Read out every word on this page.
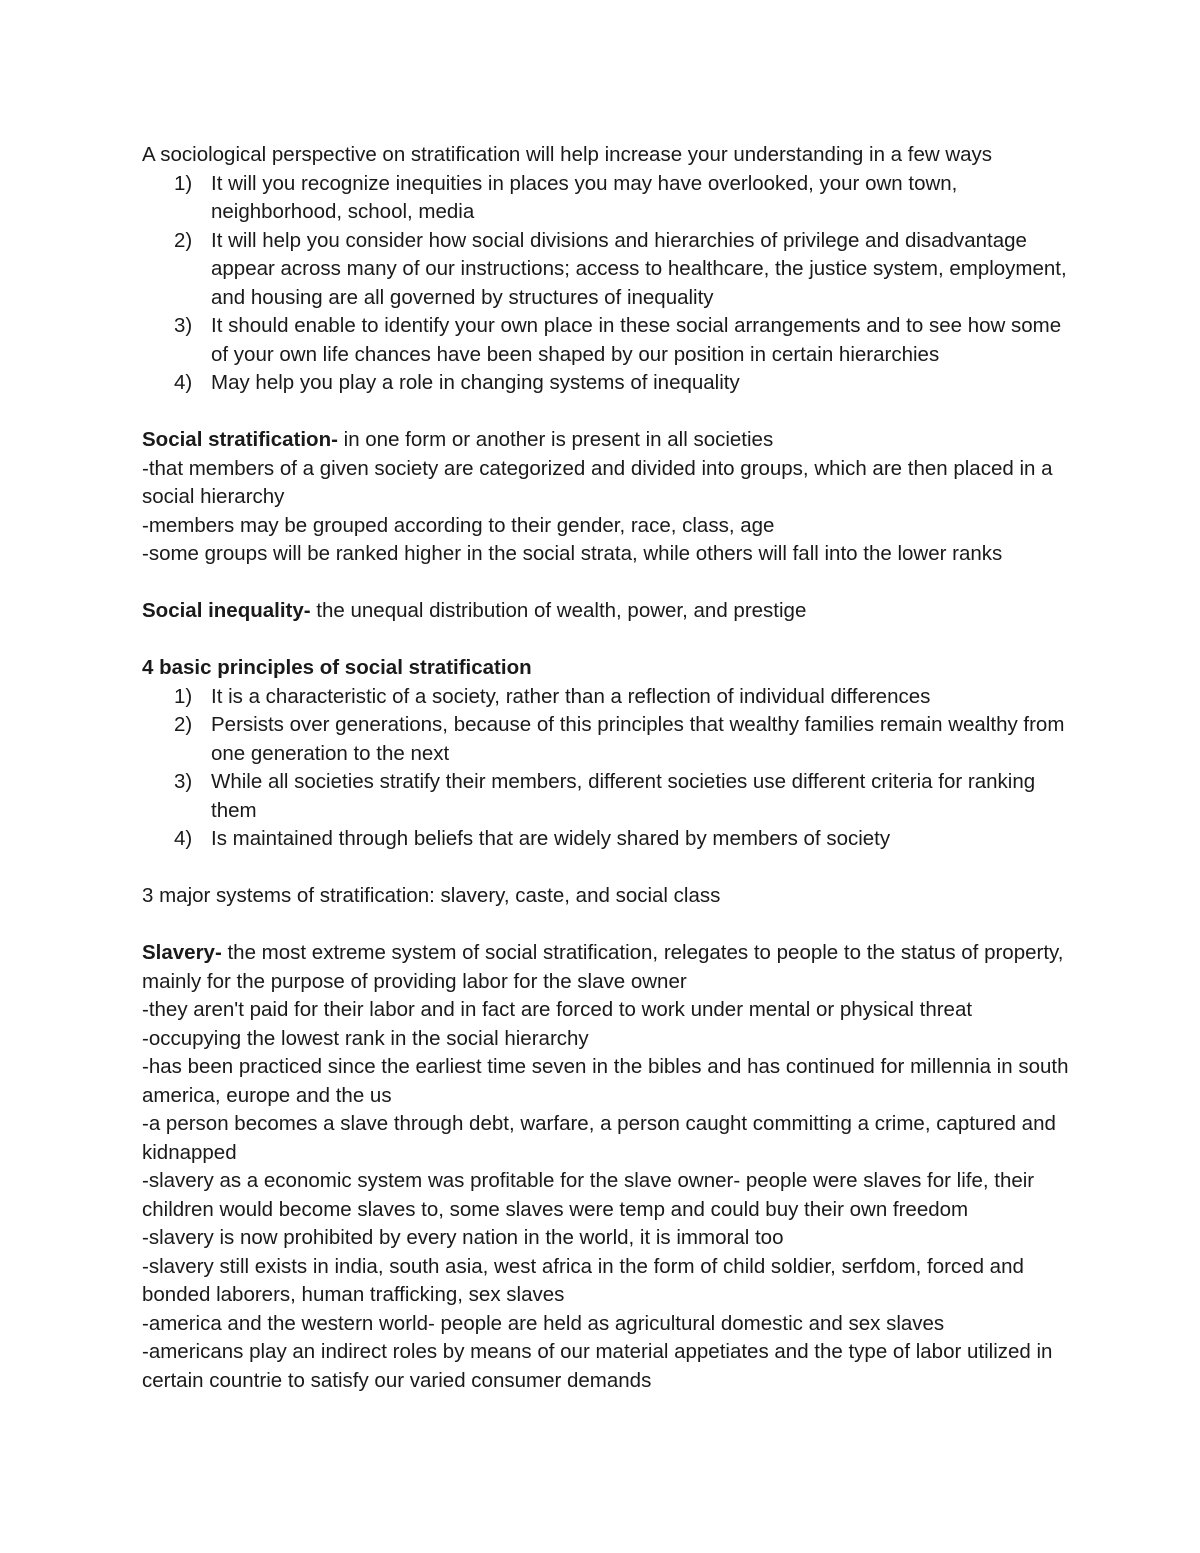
A sociological perspective on stratification will help increase your understanding in a few ways

1) It will you recognize inequities in places you may have overlooked, your own town, neighborhood, school, media
2) It will help you consider how social divisions and hierarchies of privilege and disadvantage appear across many of our instructions; access to healthcare, the justice system, employment, and housing are all governed by structures of inequality
3) It should enable to identify your own place in these social arrangements and to see how some of your own life chances have been shaped by our position in certain hierarchies
4) May help you play a role in changing systems of inequality

Social stratification- in one form or another is present in all societies

-that members of a given society are categorized and divided into groups, which are then placed in a social hierarchy

-members may be grouped according to their gender, race, class, age

-some groups will be ranked higher in the social strata, while others will fall into the lower ranks

Social inequality- the unequal distribution of wealth, power, and prestige

4 basic principles of social stratification

1) It is a characteristic of a society, rather than a reflection of individual differences
2) Persists over generations, because of this principles that wealthy families remain wealthy from one generation to the next
3) While all societies stratify their members, different societies use different criteria for ranking them
4) Is maintained through beliefs that are widely shared by members of society

3 major systems of stratification: slavery, caste, and social class

Slavery- the most extreme system of social stratification, relegates to people to the status of property, mainly for the purpose of providing labor for the slave owner

-they aren't paid for their labor and in fact are forced to work under mental or physical threat

-occupying the lowest rank in the social hierarchy

-has been practiced since the earliest time seven in the bibles and has continued for millennia in south america, europe and the us

-a person becomes a slave through debt, warfare, a person caught committing a crime, captured and kidnapped

-slavery as a economic system was profitable for the slave owner- people were slaves for life, their children would become slaves to, some slaves were temp and could buy their own freedom

-slavery is now prohibited by every nation in the world, it is immoral too

-slavery still exists in india, south asia, west africa in the form of child soldier, serfdom, forced and bonded laborers, human trafficking, sex slaves

-america and the western world- people are held as agricultural domestic and sex slaves

-americans play an indirect roles by means of our material appetiates and the type of labor utilized in certain countrie to satisfy our varied consumer demands
